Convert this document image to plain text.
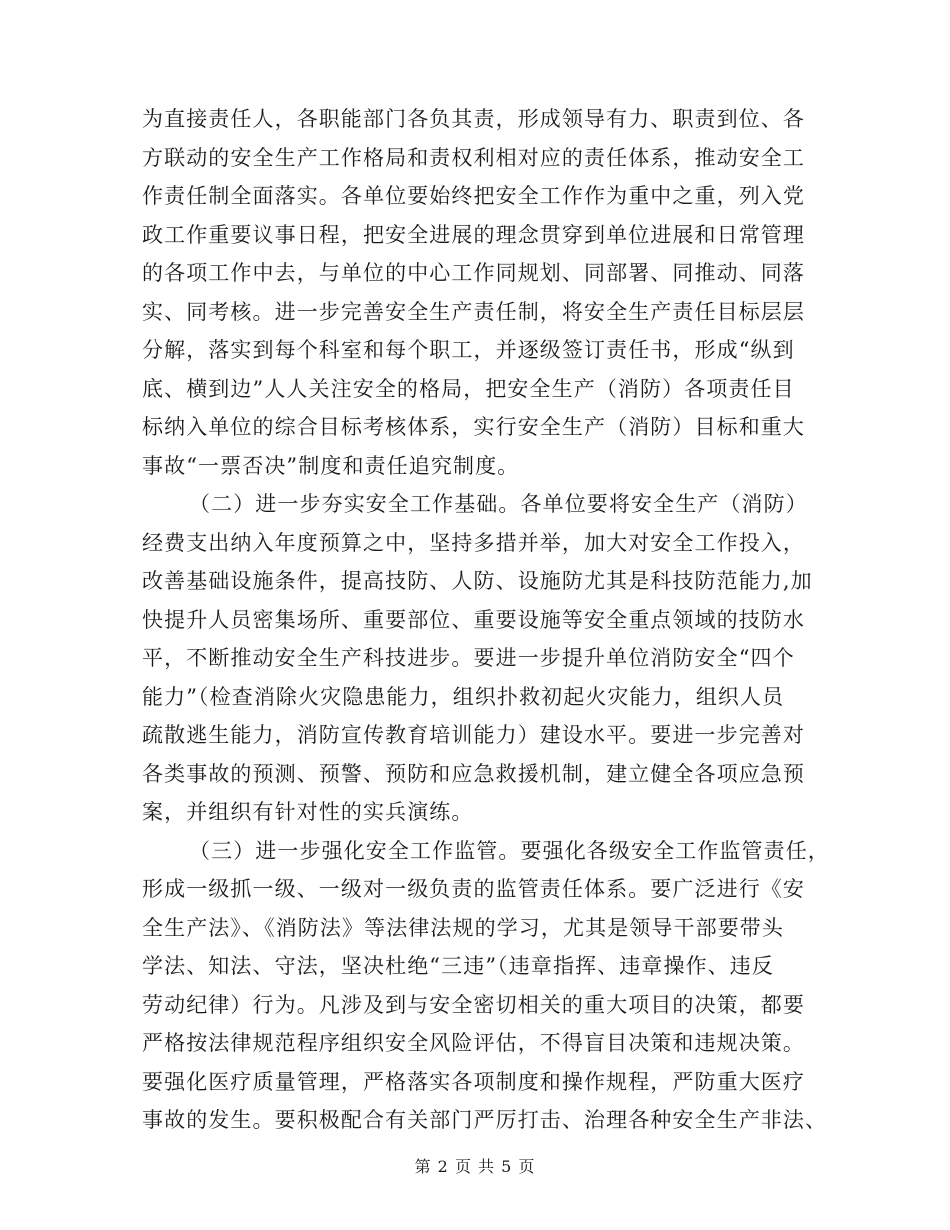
为直接责任人，各职能部门各负其责，形成领导有力、职责到位、各
方联动的安全生产工作格局和责权利相对应的责任体系，推动安全工
作责任制全面落实。各单位要始终把安全工作作为重中之重，列入党
政工作重要议事日程，把安全进展的理念贯穿到单位进展和日常管理
的各项工作中去，与单位的中心工作同规划、同部署、同推动、同落
实、同考核。进一步完善安全生产责任制，将安全生产责任目标层层
分解，落实到每个科室和每个职工，并逐级签订责任书，形成“纵到
底、横到边”人人关注安全的格局，把安全生产（消防）各项责任目
标纳入单位的综合目标考核体系，实行安全生产（消防）目标和重大
事故“一票否决”制度和责任追究制度。
（二）进一步夯实安全工作基础。各单位要将安全生产（消防）
经费支出纳入年度预算之中，坚持多措并举，加大对安全工作投入，
改善基础设施条件，提高技防、人防、设施防尤其是科技防范能力,加
快提升人员密集场所、重要部位、重要设施等安全重点领域的技防水
平，不断推动安全生产科技进步。要进一步提升单位消防安全“四个
能力”（检查消除火灾隐患能力，组织扑救初起火灾能力，组织人员
疏散逃生能力，消防宣传教育培训能力）建设水平。要进一步完善对
各类事故的预测、预警、预防和应急救援机制，建立健全各项应急预
案，并组织有针对性的实兵演练。
（三）进一步强化安全工作监管。要强化各级安全工作监管责任，
形成一级抓一级、一级对一级负责的监管责任体系。要广泛进行《安
全生产法》、《消防法》等法律法规的学习，尤其是领导干部要带头
学法、知法、守法，坚决杜绝“三违”（违章指挥、违章操作、违反
劳动纪律）行为。凡涉及到与安全密切相关的重大项目的决策，都要
严格按法律规范程序组织安全风险评估，不得盲目决策和违规决策。
要强化医疗质量管理，严格落实各项制度和操作规程，严防重大医疗
事故的发生。要积极配合有关部门严厉打击、治理各种安全生产非法、
第 2 页 共 5 页
